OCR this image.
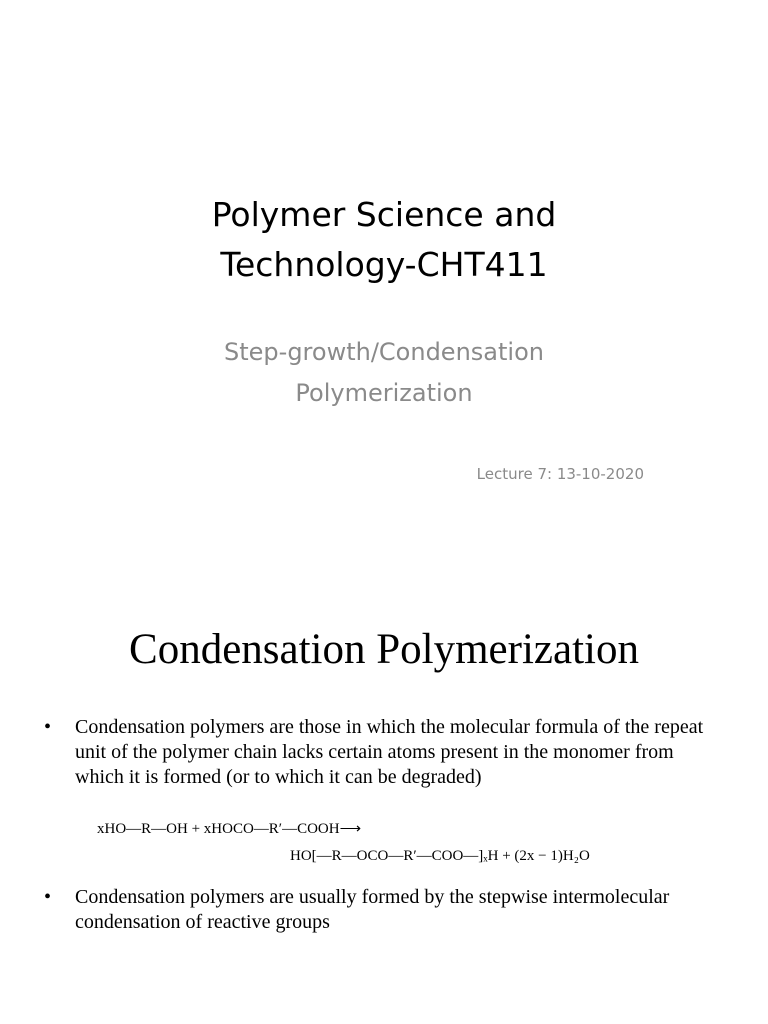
Polymer Science and
Technology-CHT411
Step-growth/Condensation
Polymerization
Lecture 7: 13-10-2020
Condensation Polymerization
• Condensation polymers are those in which the molecular formula of the repeat unit of the polymer chain lacks certain atoms present in the monomer from which it is formed (or to which it can be degraded)
xHO—R—OH + xHOCO—R′—COOH⟶
HO[—R—OCO—R′—COO—]ₓH + (2x − 1)H₂O
• Condensation polymers are usually formed by the stepwise intermolecular condensation of reactive groups
